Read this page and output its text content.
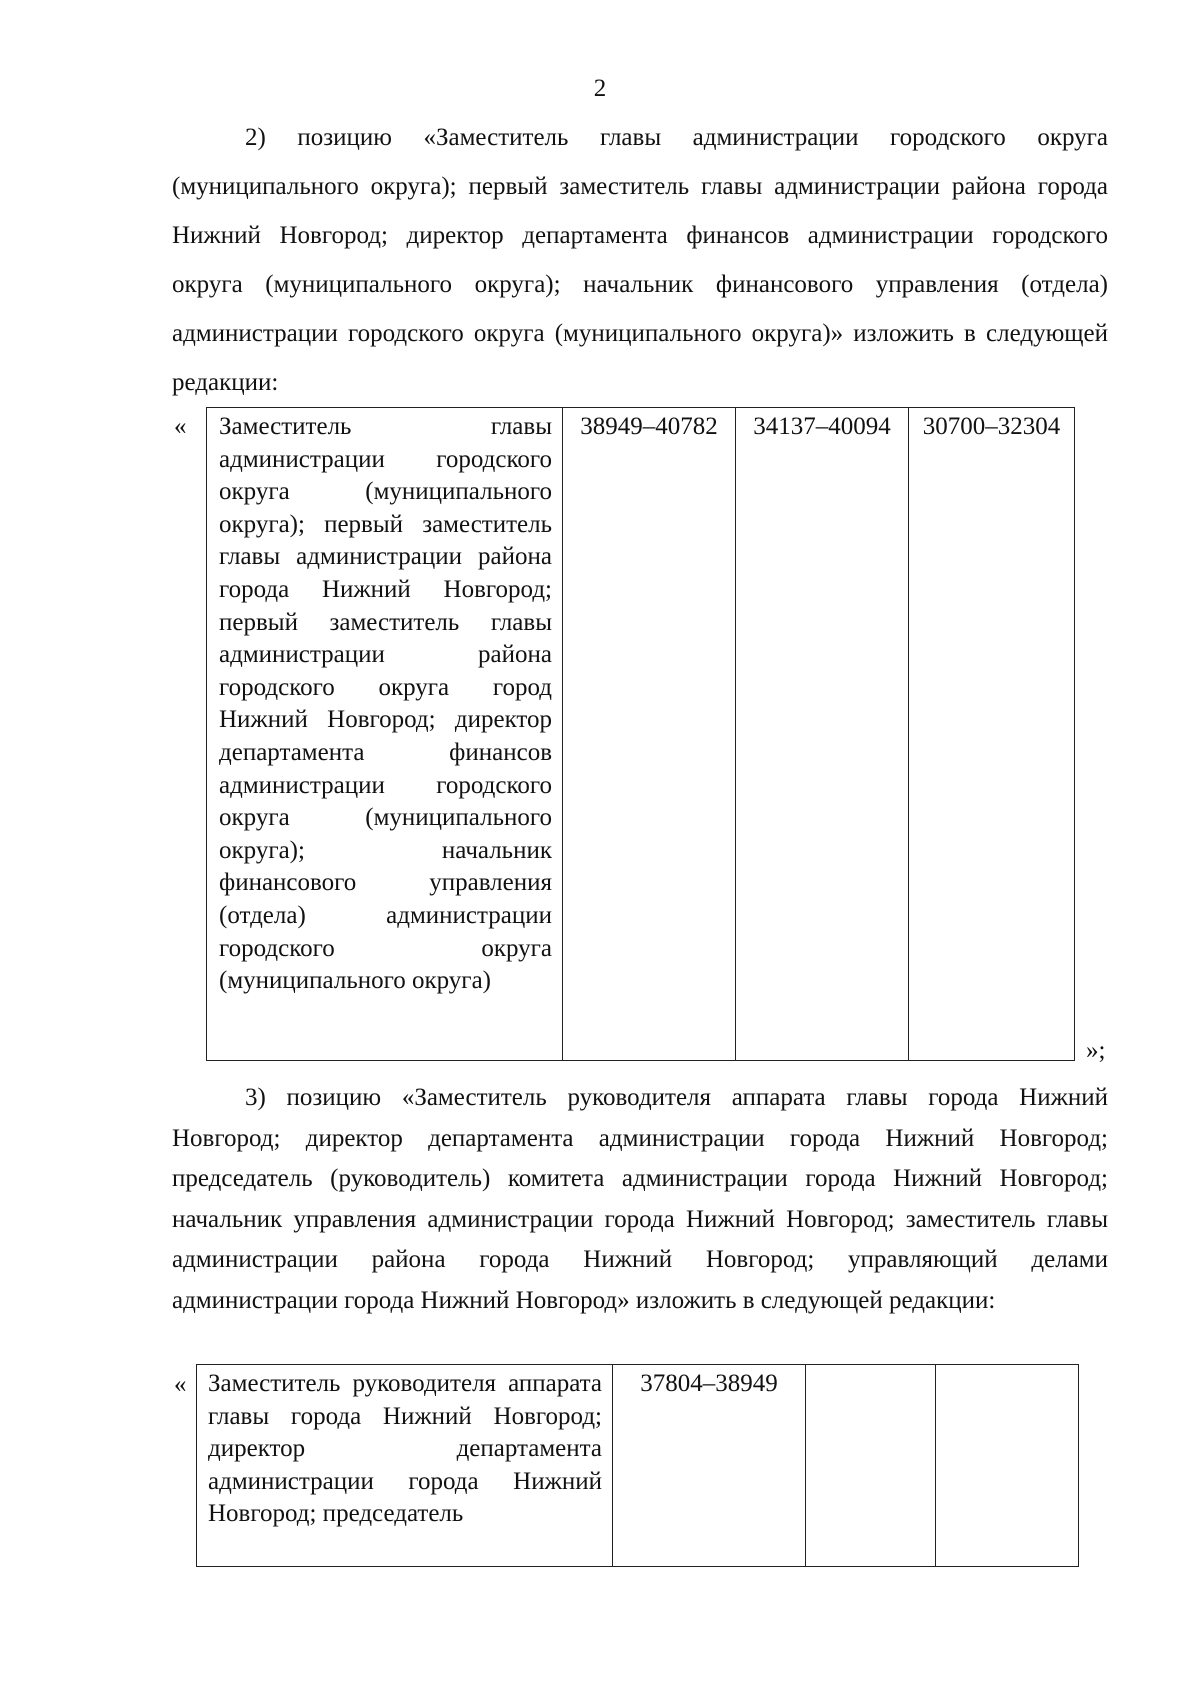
2

2) позицию «Заместитель главы администрации городского округа (муниципального округа); первый заместитель главы администрации района города Нижний Новгород; директор департамента финансов администрации городского округа (муниципального округа); начальник финансового управления (отдела) администрации городского округа (муниципального округа)» изложить в следующей редакции:

« Заместитель главы администрации городского округа (муниципального округа); первый заместитель главы администрации района города Нижний Новгород; первый заместитель главы администрации района городского округа город Нижний Новгород; директор департамента финансов администрации городского округа (муниципального округа); начальник финансового управления (отдела) администрации городского округа (муниципального округа)
	38949–40782	34137–40094	30700–32304
»;

3) позицию «Заместитель руководителя аппарата главы города Нижний Новгород; директор департамента администрации города Нижний Новгород; председатель (руководитель) комитета администрации города Нижний Новгород; начальник управления администрации города Нижний Новгород; заместитель главы администрации района города Нижний Новгород; управляющий делами администрации города Нижний Новгород» изложить в следующей редакции:

« Заместитель руководителя аппарата главы города Нижний Новгород; директор департамента администрации города Нижний Новгород; председатель
	37804–38949		
